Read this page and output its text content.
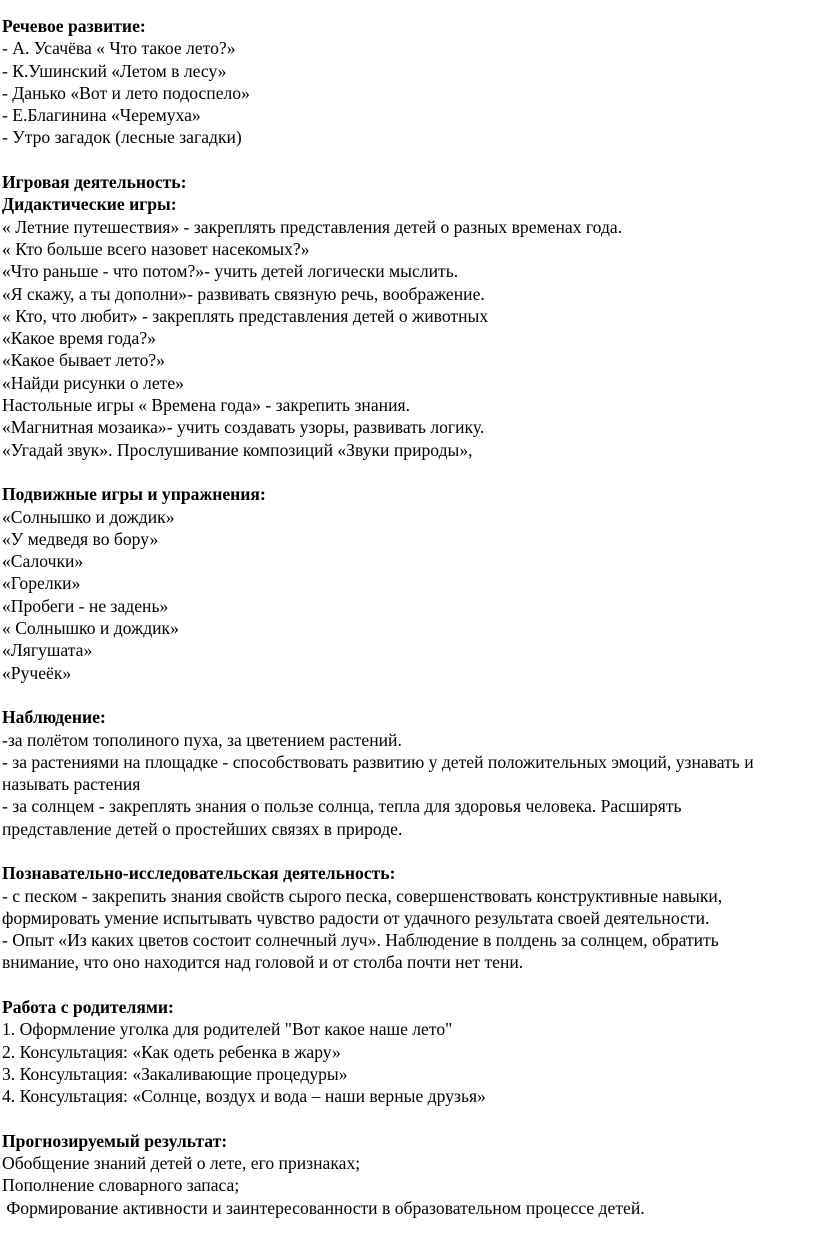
Речевое развитие:
- А. Усачёва « Что такое лето?»
- К.Ушинский «Летом в лесу»
- Данько «Вот и лето подоспело»
- Е.Благинина «Черемуха»
- Утро загадок (лесные загадки)
Игровая деятельность:
Дидактические игры:
« Летние путешествия» - закреплять представления детей о разных временах года.
« Кто больше всего назовет насекомых?»
«Что раньше - что потом?»- учить детей логически мыслить.
«Я скажу, а ты дополни»- развивать связную речь, воображение.
« Кто, что любит» - закреплять представления детей о животных
«Какое время года?»
«Какое бывает лето?»
«Найди рисунки о лете»
Настольные игры « Времена года» - закрепить знания.
«Магнитная мозаика»- учить создавать узоры, развивать логику.
«Угадай звук». Прослушивание композиций «Звуки природы»,
Подвижные игры и упражнения:
«Солнышко и дождик»
«У медведя во бору»
«Салочки»
«Горелки»
«Пробеги - не задень»
« Солнышко и дождик»
«Лягушата»
«Ручеёк»
Наблюдение:
-за полётом тополиного пуха, за цветением растений.
- за растениями на площадке - способствовать развитию у детей положительных эмоций, узнавать и
называть растения
- за солнцем - закреплять знания о пользе солнца, тепла для здоровья человека. Расширять
представление детей о простейших связях в природе.
Познавательно-исследовательская деятельность:
- с песком - закрепить знания свойств сырого песка, совершенствовать конструктивные навыки,
формировать умение испытывать чувство радости от удачного результата своей деятельности.
- Опыт «Из каких цветов состоит солнечный луч». Наблюдение в полдень за солнцем, обратить
внимание, что оно находится над головой и от столба почти нет тени.
Работа с родителями:
1. Оформление уголка для родителей "Вот какое наше лето"
2. Консультация: «Как одеть ребенка в жару»
3. Консультация: «Закаливающие процедуры»
4. Консультация: «Солнце, воздух и вода – наши верные друзья»
Прогнозируемый результат:
Обобщение знаний детей о лете, его признаках;
Пополнение словарного запаса;
Формирование активности и заинтересованности в образовательном процессе детей.
